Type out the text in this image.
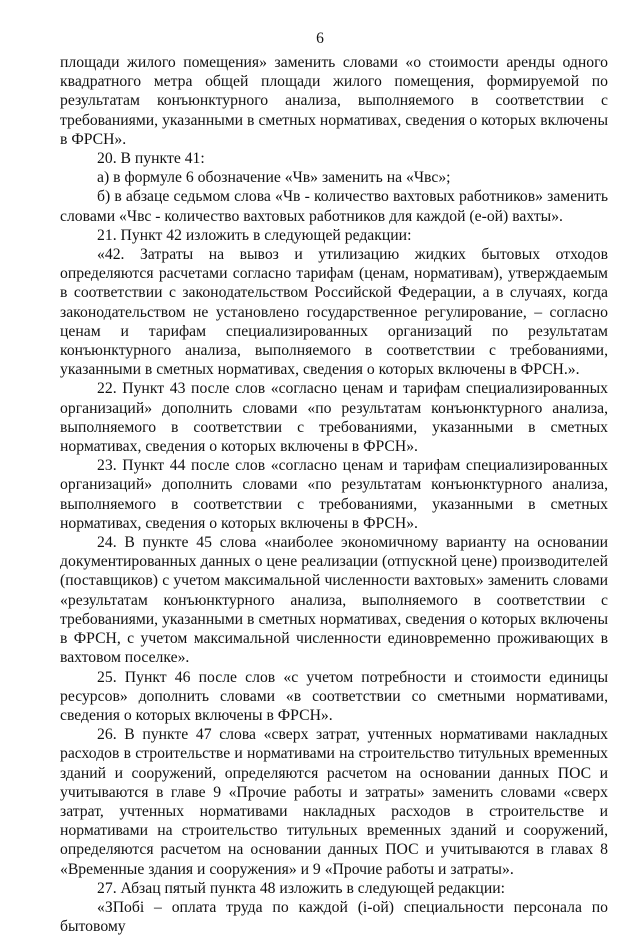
6

площади жилого помещения» заменить словами «о стоимости аренды одного квадратного метра общей площади жилого помещения, формируемой по результатам конъюнктурного анализа, выполняемого в соответствии с требованиями, указанными в сметных нормативах, сведения о которых включены в ФРСН».

20. В пункте 41:

а) в формуле 6 обозначение «Чв» заменить на «Чвс»;

б) в абзаце седьмом слова «Чв - количество вахтовых работников» заменить словами «Чвс - количество вахтовых работников для каждой (е-ой) вахты».

21. Пункт 42 изложить в следующей редакции:

«42. Затраты на вывоз и утилизацию жидких бытовых отходов определяются расчетами согласно тарифам (ценам, нормативам), утверждаемым в соответствии с законодательством Российской Федерации, а в случаях, когда законодательством не установлено государственное регулирование, – согласно ценам и тарифам специализированных организаций по результатам конъюнктурного анализа, выполняемого в соответствии с требованиями, указанными в сметных нормативах, сведения о которых включены в ФРСН.».

22. Пункт 43 после слов «согласно ценам и тарифам специализированных организаций» дополнить словами «по результатам конъюнктурного анализа, выполняемого в соответствии с требованиями, указанными в сметных нормативах, сведения о которых включены в ФРСН».

23. Пункт 44 после слов «согласно ценам и тарифам специализированных организаций» дополнить словами «по результатам конъюнктурного анализа, выполняемого в соответствии с требованиями, указанными в сметных нормативах, сведения о которых включены в ФРСН».

24. В пункте 45 слова «наиболее экономичному варианту на основании документированных данных о цене реализации (отпускной цене) производителей (поставщиков) с учетом максимальной численности вахтовых» заменить словами «результатам конъюнктурного анализа, выполняемого в соответствии с требованиями, указанными в сметных нормативах, сведения о которых включены в ФРСН, с учетом максимальной численности единовременно проживающих в вахтовом поселке».

25. Пункт 46 после слов «с учетом потребности и стоимости единицы ресурсов» дополнить словами «в соответствии со сметными нормативами, сведения о которых включены в ФРСН».

26. В пункте 47 слова «сверх затрат, учтенных нормативами накладных расходов в строительстве и нормативами на строительство титульных временных зданий и сооружений, определяются расчетом на основании данных ПОС и учитываются в главе 9 «Прочие работы и затраты» заменить словами «сверх затрат, учтенных нормативами накладных расходов в строительстве и нормативами на строительство титульных временных зданий и сооружений, определяются расчетом на основании данных ПОС и учитываются в главах 8 «Временные здания и сооружения» и 9 «Прочие работы и затраты».

27. Абзац пятый пункта 48 изложить в следующей редакции:

«ЗПобi – оплата труда по каждой (i-ой) специальности персонала по бытовому
